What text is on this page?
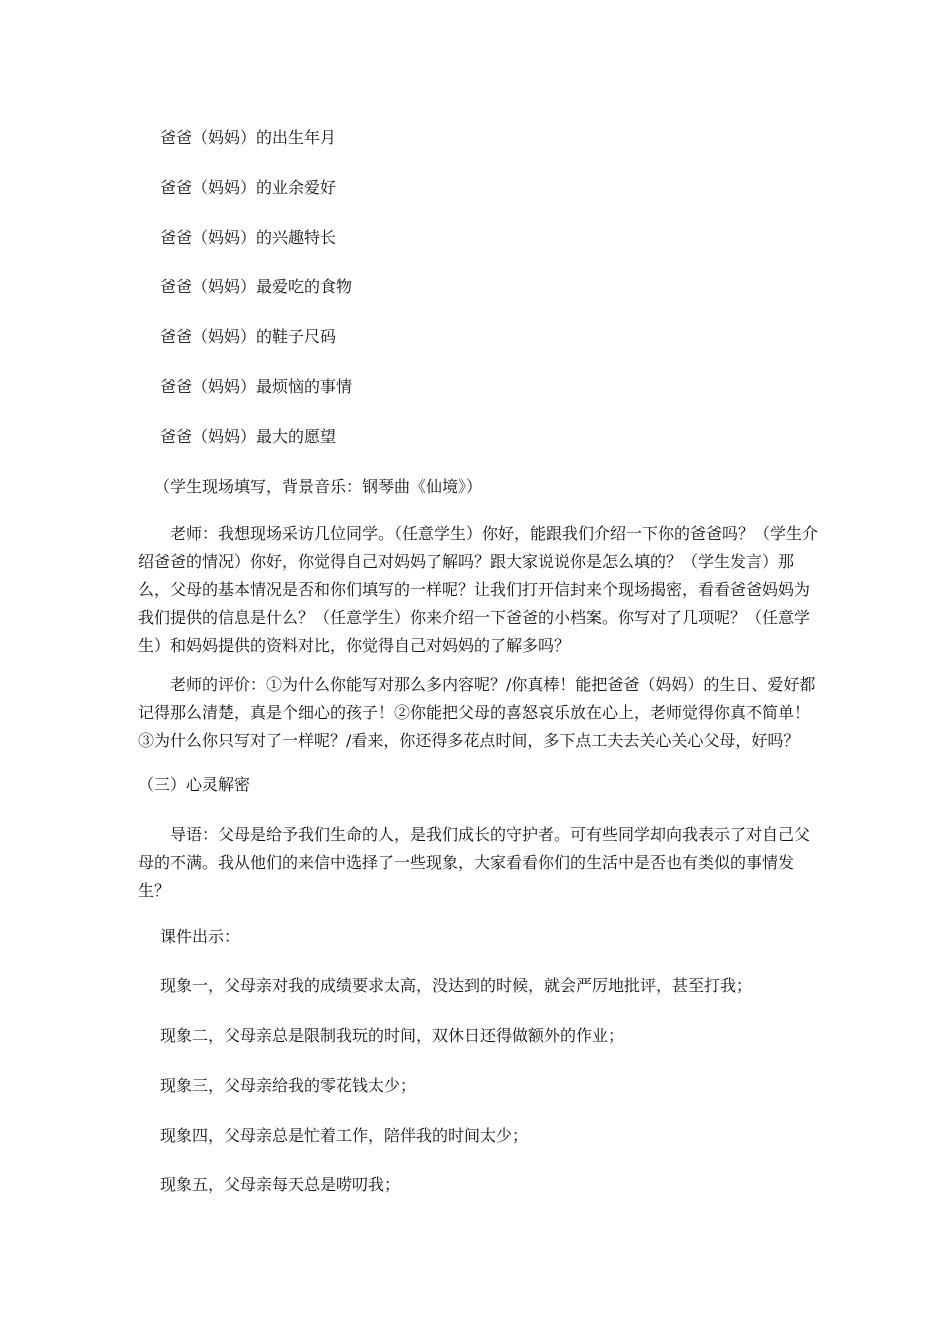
爸爸（妈妈）的出生年月
爸爸（妈妈）的业余爱好
爸爸（妈妈）的兴趣特长
爸爸（妈妈）最爱吃的食物
爸爸（妈妈）的鞋子尺码
爸爸（妈妈）最烦恼的事情
爸爸（妈妈）最大的愿望
（学生现场填写，背景音乐：钢琴曲《仙境》）
老师：我想现场采访几位同学。（任意学生）你好，能跟我们介绍一下你的爸爸吗？（学生介绍爸爸的情况）你好，你觉得自己对妈妈了解吗？跟大家说说你是怎么填的？（学生发言）那么，父母的基本情况是否和你们填写的一样呢？让我们打开信封来个现场揭密，看看爸爸妈妈为我们提供的信息是什么？（任意学生）你来介绍一下爸爸的小档案。你写对了几项呢？（任意学生）和妈妈提供的资料对比，你觉得自己对妈妈的了解多吗？
老师的评价：①为什么你能写对那么多内容呢？/你真棒！能把爸爸（妈妈）的生日、爱好都记得那么清楚，真是个细心的孩子！②你能把父母的喜怒哀乐放在心上，老师觉得你真不简单！③为什么你只写对了一样呢？/看来，你还得多花点时间，多下点工夫去关心关心父母，好吗？
（三）心灵解密
导语：父母是给予我们生命的人，是我们成长的守护者。可有些同学却向我表示了对自己父母的不满。我从他们的来信中选择了一些现象，大家看看你们的生活中是否也有类似的事情发生？
课件出示：
现象一，父母亲对我的成绩要求太高，没达到的时候，就会严厉地批评，甚至打我；
现象二，父母亲总是限制我玩的时间，双休日还得做额外的作业；
现象三，父母亲给我的零花钱太少；
现象四，父母亲总是忙着工作，陪伴我的时间太少；
现象五，父母亲每天总是唠叨我；
